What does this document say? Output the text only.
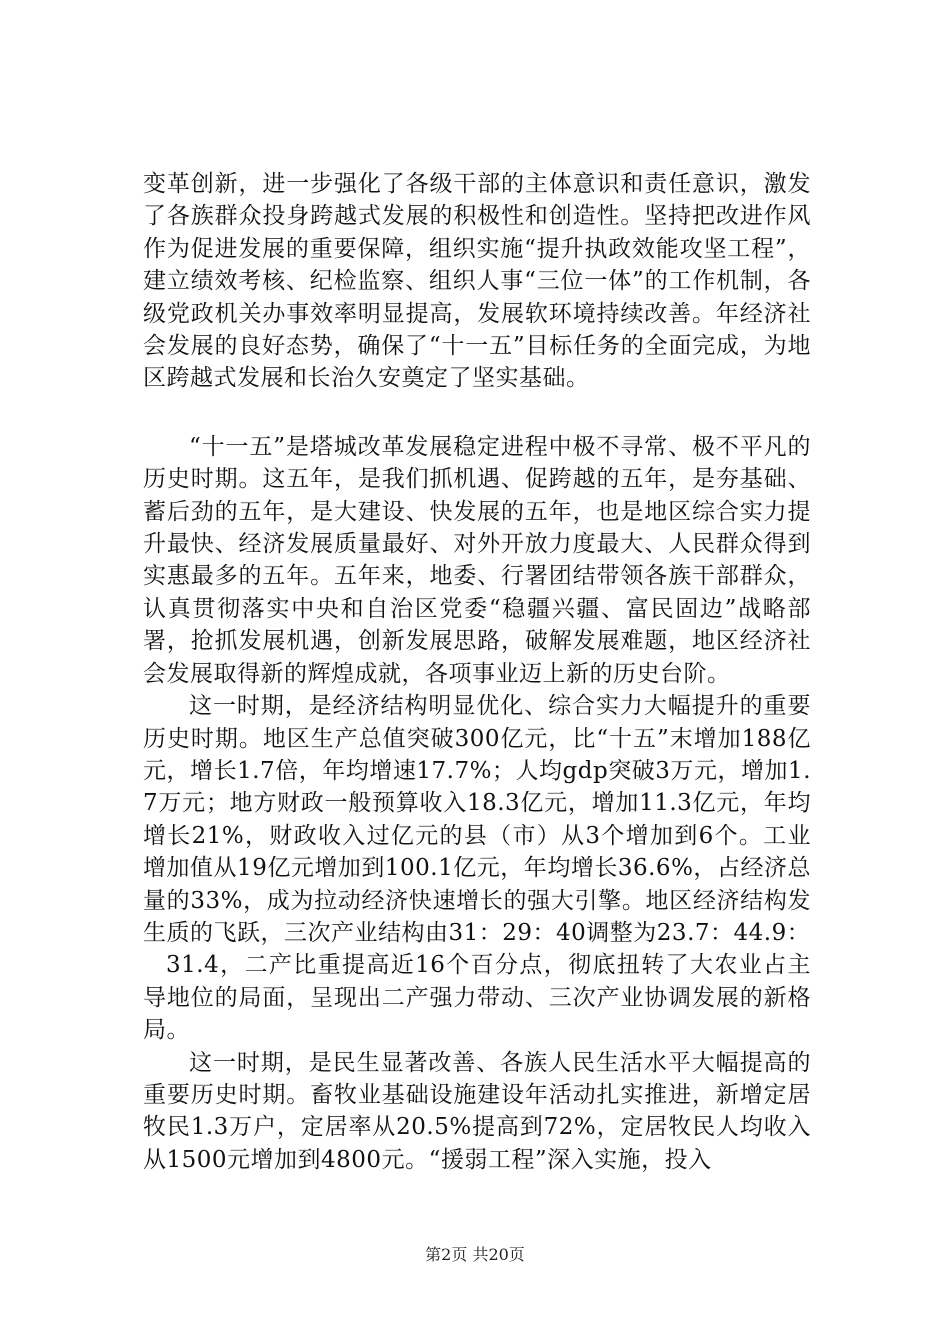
变革创新，进一步强化了各级干部的主体意识和责任意识，激发了各族群众投身跨越式发展的积极性和创造性。坚持把改进作风作为促进发展的重要保障，组织实施“提升执政效能攻坚工程”，建立绩效考核、纪检监察、组织人事“三位一体”的工作机制，各级党政机关办事效率明显提高，发展软环境持续改善。年经济社会发展的良好态势，确保了“十一五”目标任务的全面完成，为地区跨越式发展和长治久安奠定了坚实基础。

“十一五”是塔城改革发展稳定进程中极不寻常、极不平凡的历史时期。这五年，是我们抓机遇、促跨越的五年，是夯基础、蓄后劲的五年，是大建设、快发展的五年，也是地区综合实力提升最快、经济发展质量最好、对外开放力度最大、人民群众得到实惠最多的五年。五年来，地委、行署团结带领各族干部群众，认真贯彻落实中央和自治区党委“稳疆兴疆、富民固边”战略部署，抢抓发展机遇，创新发展思路，破解发展难题，地区经济社会发展取得新的辉煌成就，各项事业迈上新的历史台阶。

这一时期，是经济结构明显优化、综合实力大幅提升的重要历史时期。地区生产总值突破300亿元，比“十五”末增加188亿元，增长1.7倍，年均增速17.7%；人均gdp突破3万元，增加1.7万元；地方财政一般预算收入18.3亿元，增加11.3亿元，年均增长21%，财政收入过亿元的县（市）从3个增加到6个。工业增加值从19亿元增加到100.1亿元，年均增长36.6%，占经济总量的33%，成为拉动经济快速增长的强大引擎。地区经济结构发生质的飞跃，三次产业结构由31：29：40调整为23.7：44.9：

31.4，二产比重提高近16个百分点，彻底扭转了大农业占主导地位的局面，呈现出二产强力带动、三次产业协调发展的新格局。

这一时期，是民生显著改善、各族人民生活水平大幅提高的重要历史时期。畜牧业基础设施建设年活动扎实推进，新增定居牧民1.3万户，定居率从20.5%提高到72%，定居牧民人均收入从1500元增加到4800元。“援弱工程”深入实施，投入

第2页 共20页
